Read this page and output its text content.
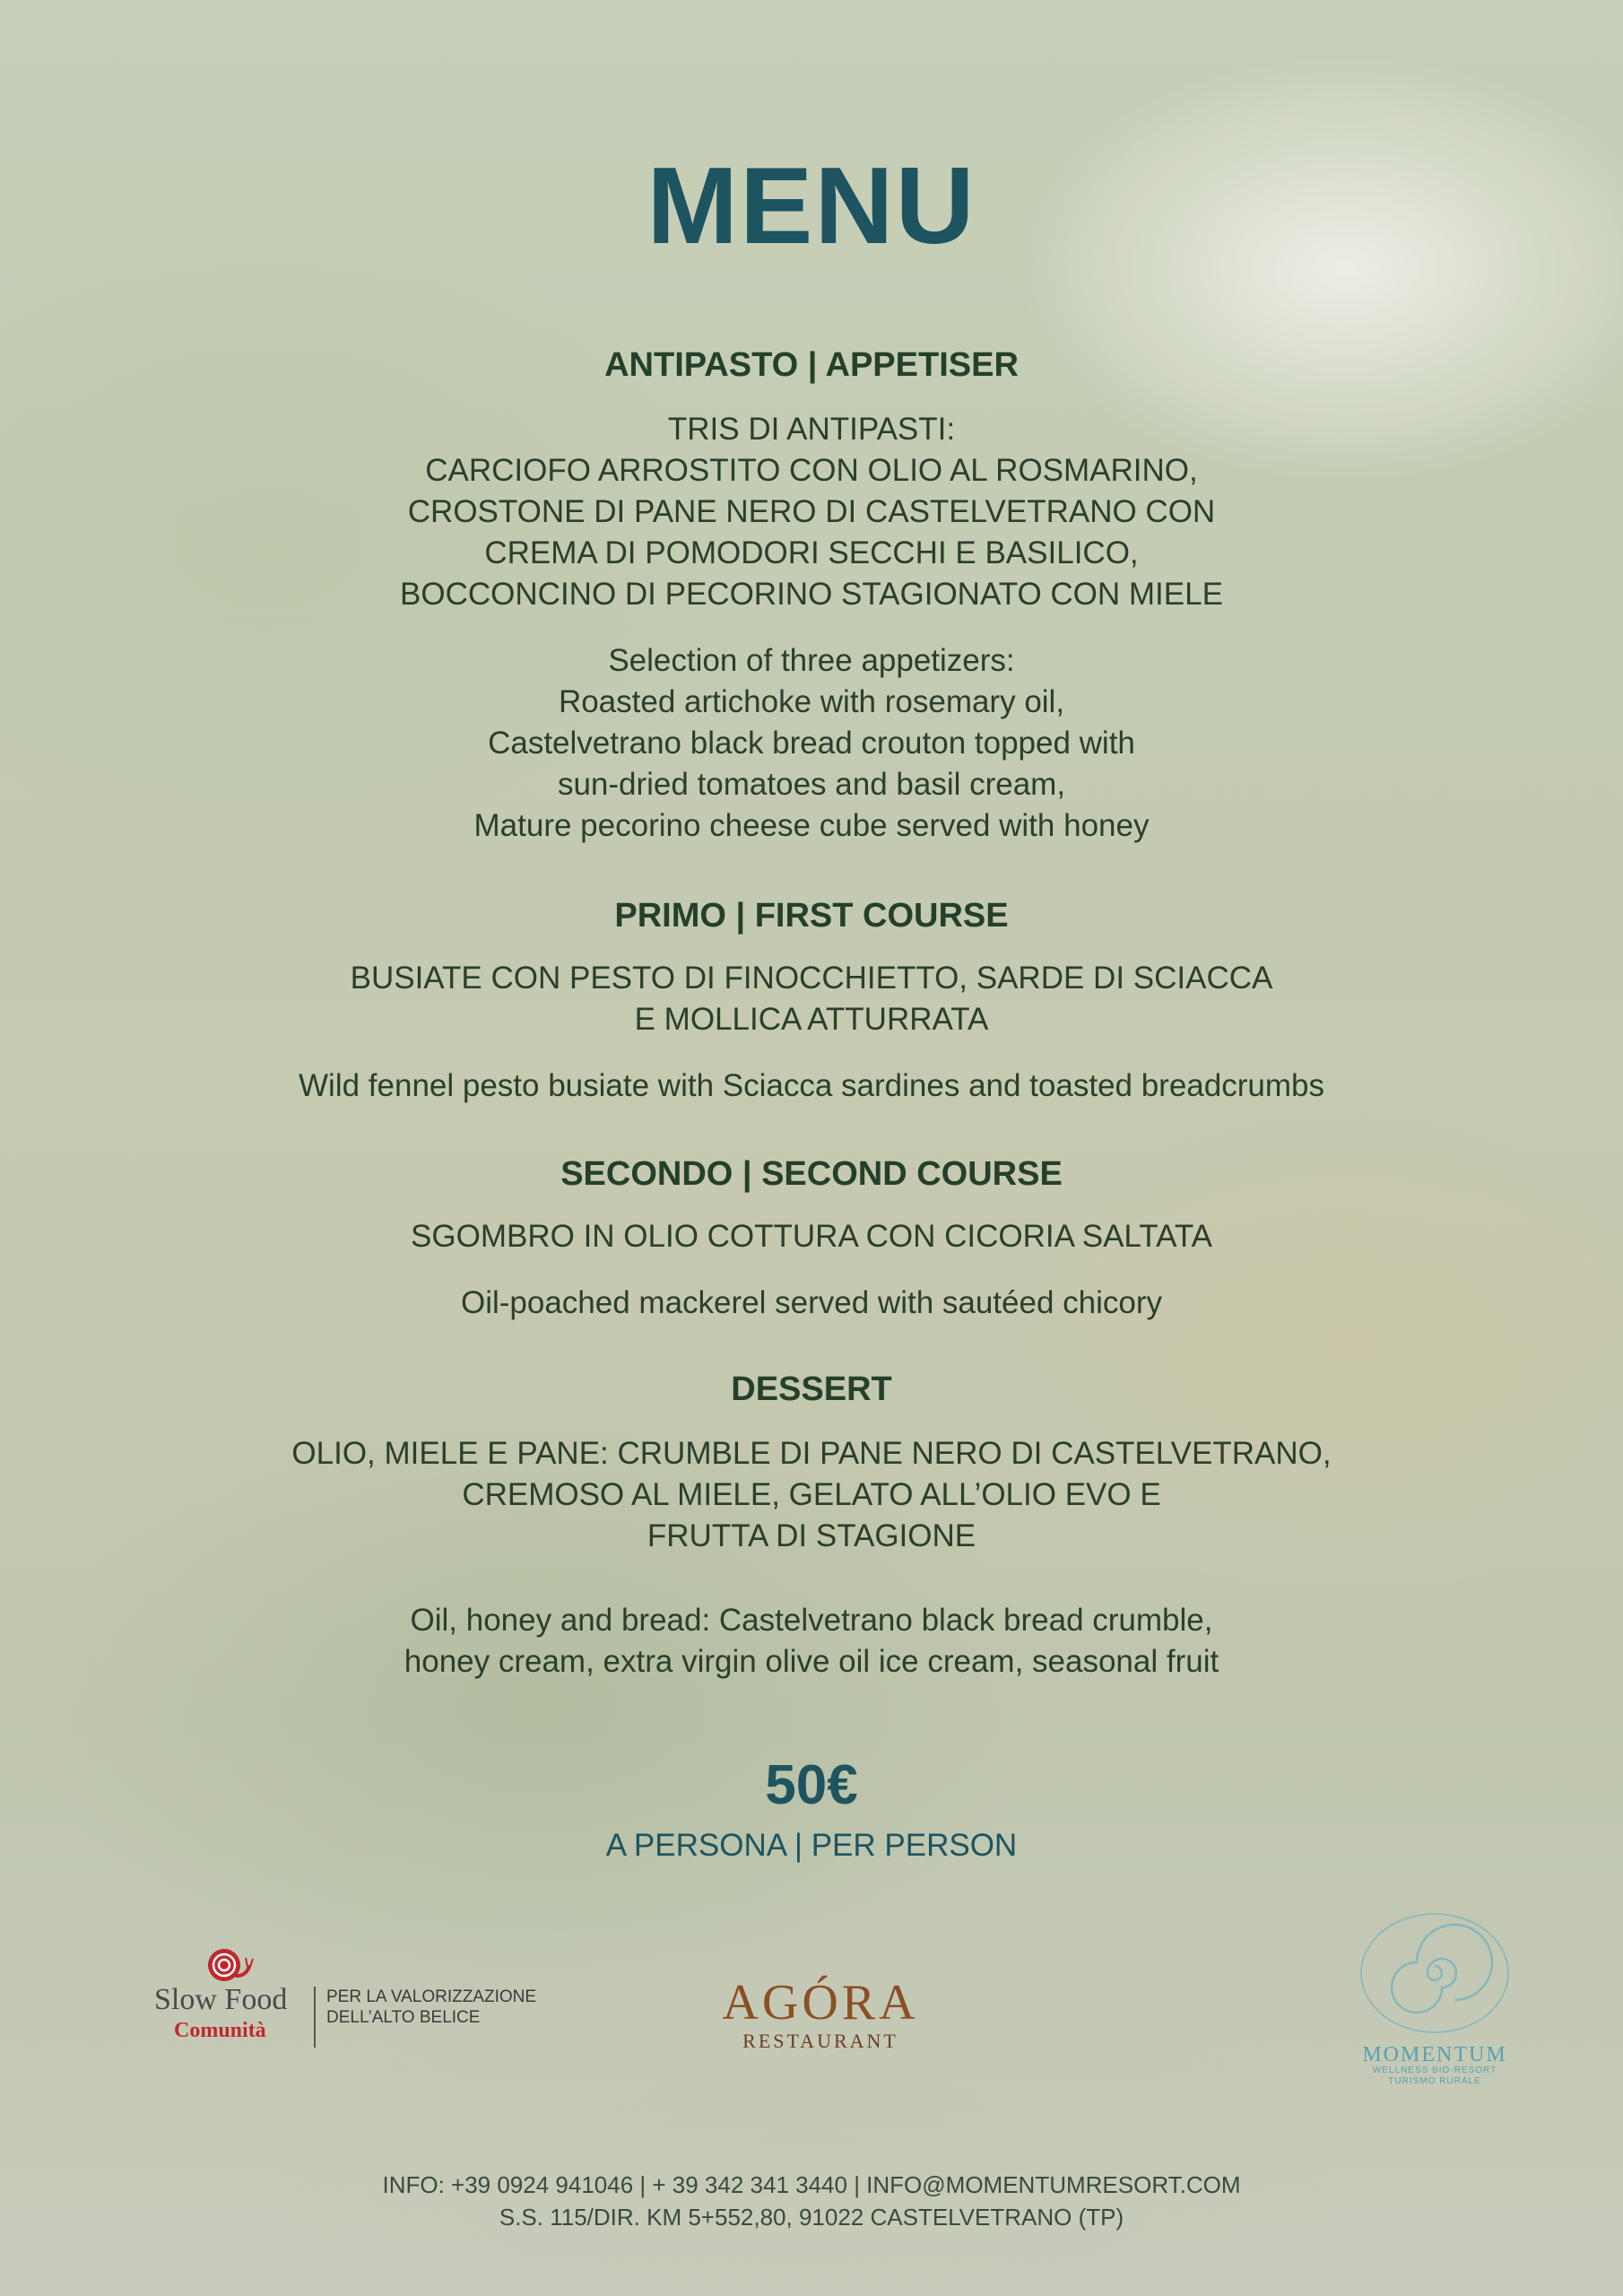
MENU
ANTIPASTO | APPETISER
TRIS DI ANTIPASTI:
CARCIOFO ARROSTITO CON OLIO AL ROSMARINO,
CROSTONE DI PANE NERO DI CASTELVETRANO CON
CREMA DI POMODORI SECCHI E BASILICO,
BOCCONCINO DI PECORINO STAGIONATO CON MIELE
Selection of three appetizers:
Roasted artichoke with rosemary oil,
Castelvetrano black bread crouton topped with
sun-dried tomatoes and basil cream,
Mature pecorino cheese cube served with honey
PRIMO | FIRST COURSE
BUSIATE CON PESTO DI FINOCCHIETTO, SARDE DI SCIACCA
E MOLLICA ATTURRATA
Wild fennel pesto busiate with Sciacca sardines and toasted breadcrumbs
SECONDO | SECOND COURSE
SGOMBRO IN OLIO COTTURA CON CICORIA SALTATA
Oil-poached mackerel served with sautéed chicory
DESSERT
OLIO, MIELE E PANE: CRUMBLE DI PANE NERO DI CASTELVETRANO,
CREMOSO AL MIELE, GELATO ALL’OLIO EVO E
FRUTTA DI STAGIONE
Oil, honey and bread: Castelvetrano black bread crumble,
honey cream, extra virgin olive oil ice cream, seasonal fruit
50€
A PERSONA | PER PERSON
Slow Food
Comunità
PER LA VALORIZZAZIONE
DELL’ALTO BELICE	AGÓRA
RESTAURANT
MOMENTUM
WELLNESS BIO-RESORT
TURISMO RURALE
INFO: +39 0924 941046 | + 39 342 341 3440 | INFO@MOMENTUMRESORT.COM
S.S. 115/DIR. KM 5+552,80, 91022 CASTELVETRANO (TP)
